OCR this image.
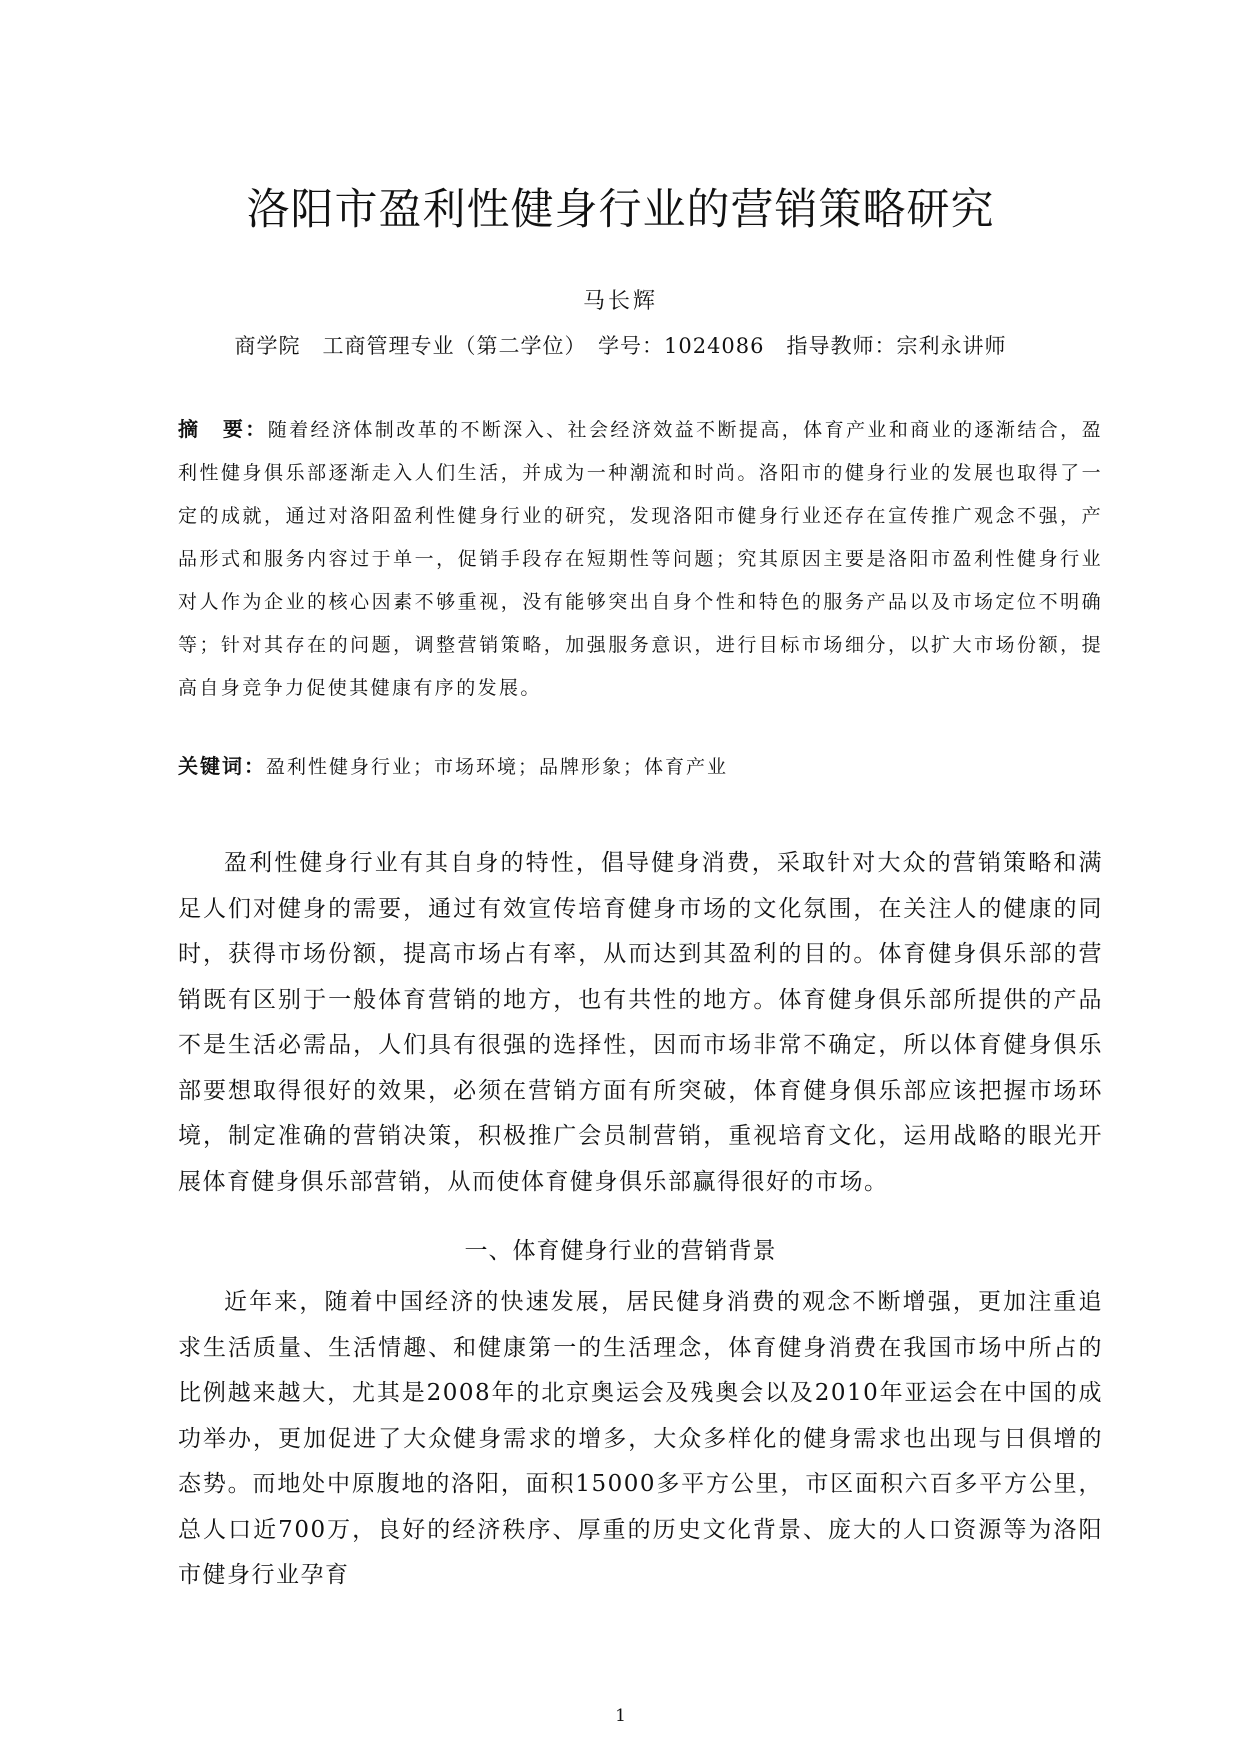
洛阳市盈利性健身行业的营销策略研究

马长辉

商学院　工商管理专业（第二学位）　学号：1024086　指导教师：宗利永讲师

摘　要：随着经济体制改革的不断深入、社会经济效益不断提高，体育产业和商业的逐渐结合，盈利性健身俱乐部逐渐走入人们生活，并成为一种潮流和时尚。洛阳市的健身行业的发展也取得了一定的成就，通过对洛阳盈利性健身行业的研究，发现洛阳市健身行业还存在宣传推广观念不强，产品形式和服务内容过于单一，促销手段存在短期性等问题；究其原因主要是洛阳市盈利性健身行业对人作为企业的核心因素不够重视，没有能够突出自身个性和特色的服务产品以及市场定位不明确等；针对其存在的问题，调整营销策略，加强服务意识，进行目标市场细分，以扩大市场份额，提高自身竞争力促使其健康有序的发展。

关键词：盈利性健身行业；市场环境；品牌形象；体育产业

盈利性健身行业有其自身的特性，倡导健身消费，采取针对大众的营销策略和满足人们对健身的需要，通过有效宣传培育健身市场的文化氛围，在关注人的健康的同时，获得市场份额，提高市场占有率，从而达到其盈利的目的。体育健身俱乐部的营销既有区别于一般体育营销的地方，也有共性的地方。体育健身俱乐部所提供的产品不是生活必需品，人们具有很强的选择性，因而市场非常不确定，所以体育健身俱乐部要想取得很好的效果，必须在营销方面有所突破，体育健身俱乐部应该把握市场环境，制定准确的营销决策，积极推广会员制营销，重视培育文化，运用战略的眼光开展体育健身俱乐部营销，从而使体育健身俱乐部赢得很好的市场。

一、体育健身行业的营销背景

近年来，随着中国经济的快速发展，居民健身消费的观念不断增强，更加注重追求生活质量、生活情趣、和健康第一的生活理念，体育健身消费在我国市场中所占的比例越来越大，尤其是2008年的北京奥运会及残奥会以及2010年亚运会在中国的成功举办，更加促进了大众健身需求的增多，大众多样化的健身需求也出现与日俱增的态势。而地处中原腹地的洛阳，面积15000多平方公里，市区面积六百多平方公里，总人口近700万，良好的经济秩序、厚重的历史文化背景、庞大的人口资源等为洛阳市健身行业孕育

1
